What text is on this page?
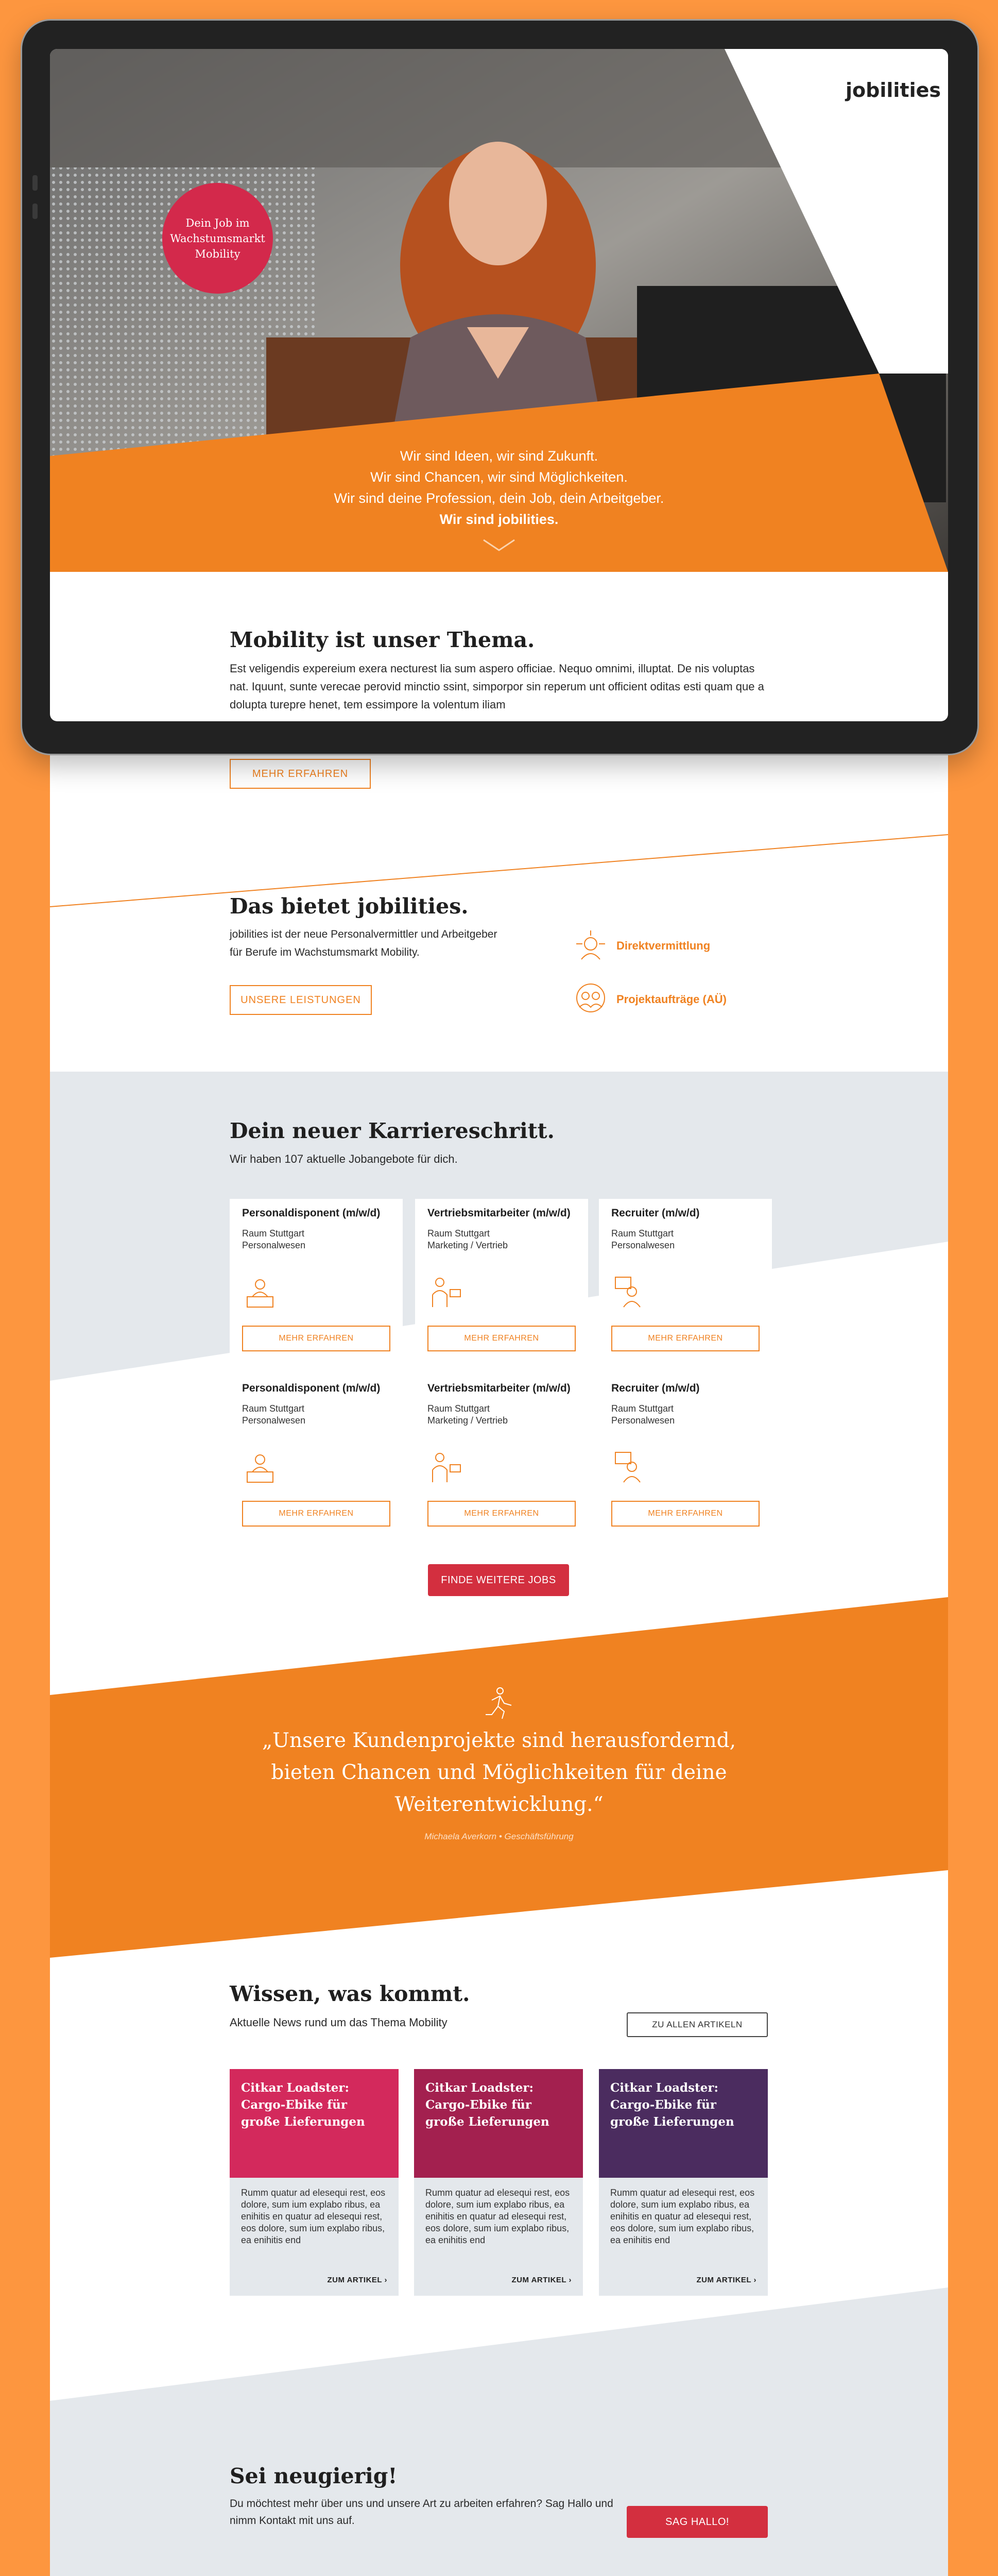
MEHR ERFAHREN
Das bietet jobilities.
jobilities ist der neue Personalvermittler und Arbeitgeber für Berufe im Wachstumsmarkt Mobility.
UNSERE LEISTUNGEN
Direktvermittlung
Projektaufträge (AÜ)
Dein neuer Karriereschritt.
Wir haben 107 aktuelle Jobangebote für dich.
Personaldisponent (m/w/d)
Raum Stuttgart
Personalwesen
MEHR ERFAHREN
Vertriebsmitarbeiter (m/w/d)
Raum Stuttgart
Marketing / Vertrieb
MEHR ERFAHREN
Recruiter (m/w/d)
Raum Stuttgart
Personalwesen
MEHR ERFAHREN
Personaldisponent (m/w/d)
Raum Stuttgart
Personalwesen
MEHR ERFAHREN
Vertriebsmitarbeiter (m/w/d)
Raum Stuttgart
Marketing / Vertrieb
MEHR ERFAHREN
Recruiter (m/w/d)
Raum Stuttgart
Personalwesen
MEHR ERFAHREN
FINDE WEITERE JOBS
„Unsere Kundenprojekte sind herausfordernd, bieten Chancen und Möglichkeiten für deine Weiterentwicklung.“
Michaela Averkorn • Geschäftsführung
Wissen, was kommt.
Aktuelle News rund um das Thema Mobility	ZU ALLEN ARTIKELN
Citkar Loadster: Cargo-Ebike für große Lieferungen
Rumm quatur ad elesequi rest, eos dolore, sum ium explabo ribus, ea enihitis en quatur ad elesequi rest, eos dolore, sum ium explabo ribus, ea enihitis end
ZUM ARTIKEL ›
Citkar Loadster: Cargo-Ebike für große Lieferungen
Rumm quatur ad elesequi rest, eos dolore, sum ium explabo ribus, ea enihitis en quatur ad elesequi rest, eos dolore, sum ium explabo ribus, ea enihitis end
ZUM ARTIKEL ›
Citkar Loadster: Cargo-Ebike für große Lieferungen
Rumm quatur ad elesequi rest, eos dolore, sum ium explabo ribus, ea enihitis en quatur ad elesequi rest, eos dolore, sum ium explabo ribus, ea enihitis end
ZUM ARTIKEL ›
Sei neugierig!
Du möchtest mehr über uns und unsere Art zu arbeiten erfahren? Sag Hallo und nimm Kontakt mit uns auf.	SAG HALLO!
jobilities
Dein Job im Wachstumsmarkt Mobility
Wir sind Ideen, wir sind Zukunft.
Wir sind Chancen, wir sind Möglichkeiten.
Wir sind deine Profession, dein Job, dein Arbeitgeber.
Wir sind jobilities.
Mobility ist unser Thema.
Est veligendis expereium exera necturest lia sum aspero officiae. Nequo omnimi, illuptat. De nis voluptas nat. Iquunt, sunte verecae perovid minctio ssint, simporpor sin reperum unt officient oditas esti quam que a dolupta turepre henet, tem essimpore la volentum iliam
